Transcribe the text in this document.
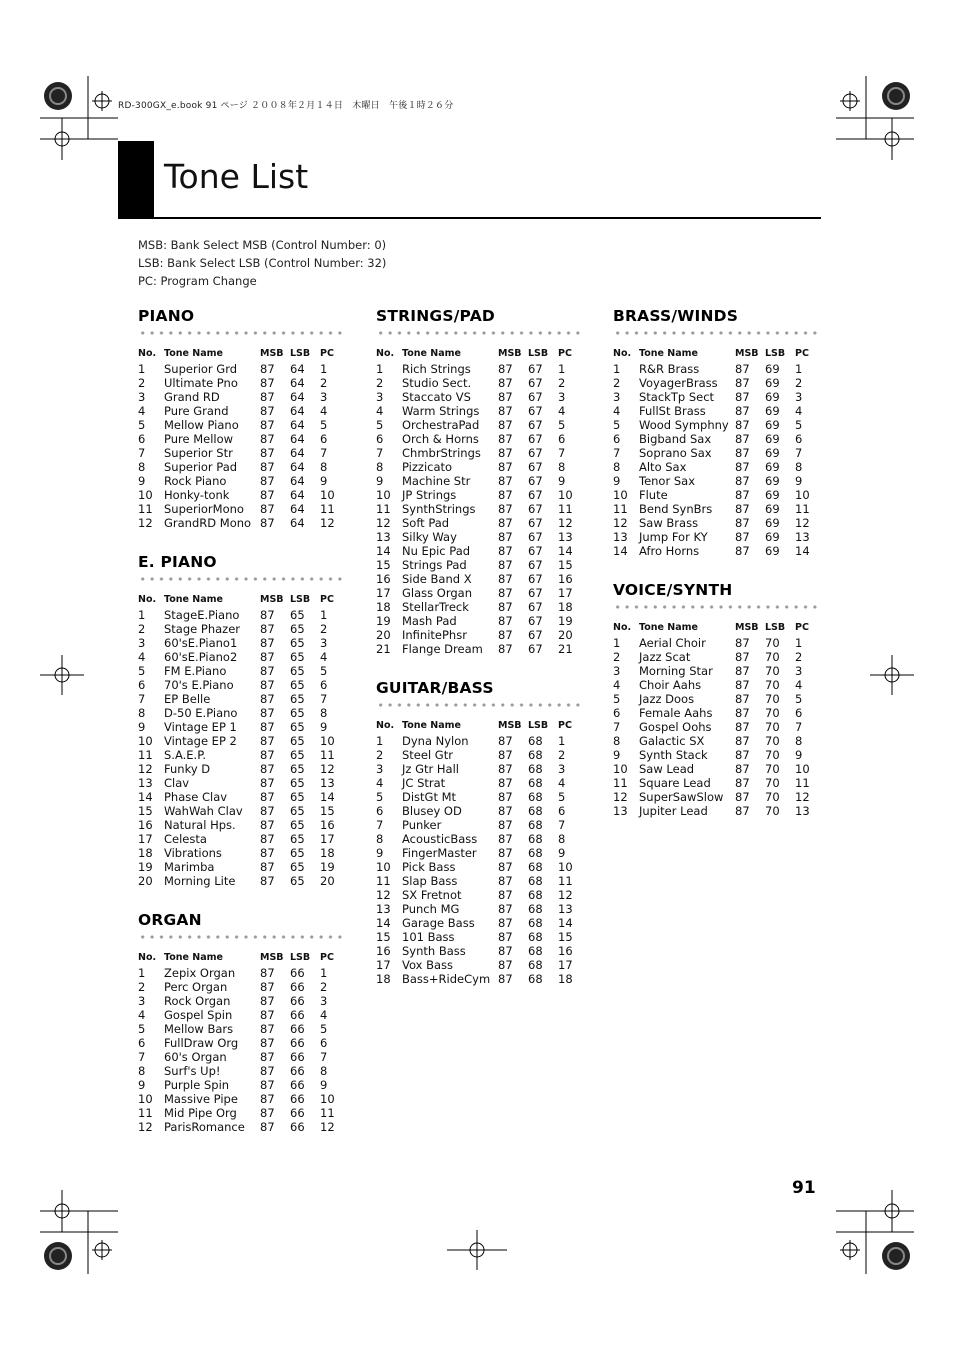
RD-300GX_e.book 91 ページ ２００８年２月１４日　木曜日　午後１時２６分
Tone List
MSB: Bank Select MSB (Control Number: 0)
LSB: Bank Select LSB (Control Number: 32)
PC: Program Change
PIANO
No.	Tone Name	MSB	LSB	PC
1	Superior Grd	87	64	1
2	Ultimate Pno	87	64	2
3	Grand RD	87	64	3
4	Pure Grand	87	64	4
5	Mellow Piano	87	64	5
6	Pure Mellow	87	64	6
7	Superior Str	87	64	7
8	Superior Pad	87	64	8
9	Rock Piano	87	64	9
10	Honky-tonk	87	64	10
11	SuperiorMono	87	64	11
12	GrandRD Mono	87	64	12
E. PIANO
No.	Tone Name	MSB	LSB	PC
1	StageE.Piano	87	65	1
2	Stage Phazer	87	65	2
3	60'sE.Piano1	87	65	3
4	60'sE.Piano2	87	65	4
5	FM E.Piano	87	65	5
6	70's E.Piano	87	65	6
7	EP Belle	87	65	7
8	D-50 E.Piano	87	65	8
9	Vintage EP 1	87	65	9
10	Vintage EP 2	87	65	10
11	S.A.E.P.	87	65	11
12	Funky D	87	65	12
13	Clav	87	65	13
14	Phase Clav	87	65	14
15	WahWah Clav	87	65	15
16	Natural Hps.	87	65	16
17	Celesta	87	65	17
18	Vibrations	87	65	18
19	Marimba	87	65	19
20	Morning Lite	87	65	20
ORGAN
No.	Tone Name	MSB	LSB	PC
1	Zepix Organ	87	66	1
2	Perc Organ	87	66	2
3	Rock Organ	87	66	3
4	Gospel Spin	87	66	4
5	Mellow Bars	87	66	5
6	FullDraw Org	87	66	6
7	60's Organ	87	66	7
8	Surf's Up!	87	66	8
9	Purple Spin	87	66	9
10	Massive Pipe	87	66	10
11	Mid Pipe Org	87	66	11
12	ParisRomance	87	66	12
STRINGS/PAD
No.	Tone Name	MSB	LSB	PC
1	Rich Strings	87	67	1
2	Studio Sect.	87	67	2
3	Staccato VS	87	67	3
4	Warm Strings	87	67	4
5	OrchestraPad	87	67	5
6	Orch & Horns	87	67	6
7	ChmbrStrings	87	67	7
8	Pizzicato	87	67	8
9	Machine Str	87	67	9
10	JP Strings	87	67	10
11	SynthStrings	87	67	11
12	Soft Pad	87	67	12
13	Silky Way	87	67	13
14	Nu Epic Pad	87	67	14
15	Strings Pad	87	67	15
16	Side Band X	87	67	16
17	Glass Organ	87	67	17
18	StellarTreck	87	67	18
19	Mash Pad	87	67	19
20	InfinitePhsr	87	67	20
21	Flange Dream	87	67	21
GUITAR/BASS
No.	Tone Name	MSB	LSB	PC
1	Dyna Nylon	87	68	1
2	Steel Gtr	87	68	2
3	Jz Gtr Hall	87	68	3
4	JC Strat	87	68	4
5	DistGt Mt	87	68	5
6	Blusey OD	87	68	6
7	Punker	87	68	7
8	AcousticBass	87	68	8
9	FingerMaster	87	68	9
10	Pick Bass	87	68	10
11	Slap Bass	87	68	11
12	SX Fretnot	87	68	12
13	Punch MG	87	68	13
14	Garage Bass	87	68	14
15	101 Bass	87	68	15
16	Synth Bass	87	68	16
17	Vox Bass	87	68	17
18	Bass+RideCym	87	68	18
BRASS/WINDS
No.	Tone Name	MSB	LSB	PC
1	R&R Brass	87	69	1
2	VoyagerBrass	87	69	2
3	StackTp Sect	87	69	3
4	FullSt Brass	87	69	4
5	Wood Symphny	87	69	5
6	Bigband Sax	87	69	6
7	Soprano Sax	87	69	7
8	Alto Sax	87	69	8
9	Tenor Sax	87	69	9
10	Flute	87	69	10
11	Bend SynBrs	87	69	11
12	Saw Brass	87	69	12
13	Jump For KY	87	69	13
14	Afro Horns	87	69	14
VOICE/SYNTH
No.	Tone Name	MSB	LSB	PC
1	Aerial Choir	87	70	1
2	Jazz Scat	87	70	2
3	Morning Star	87	70	3
4	Choir Aahs	87	70	4
5	Jazz Doos	87	70	5
6	Female Aahs	87	70	6
7	Gospel Oohs	87	70	7
8	Galactic SX	87	70	8
9	Synth Stack	87	70	9
10	Saw Lead	87	70	10
11	Square Lead	87	70	11
12	SuperSawSlow	87	70	12
13	Jupiter Lead	87	70	13
91
